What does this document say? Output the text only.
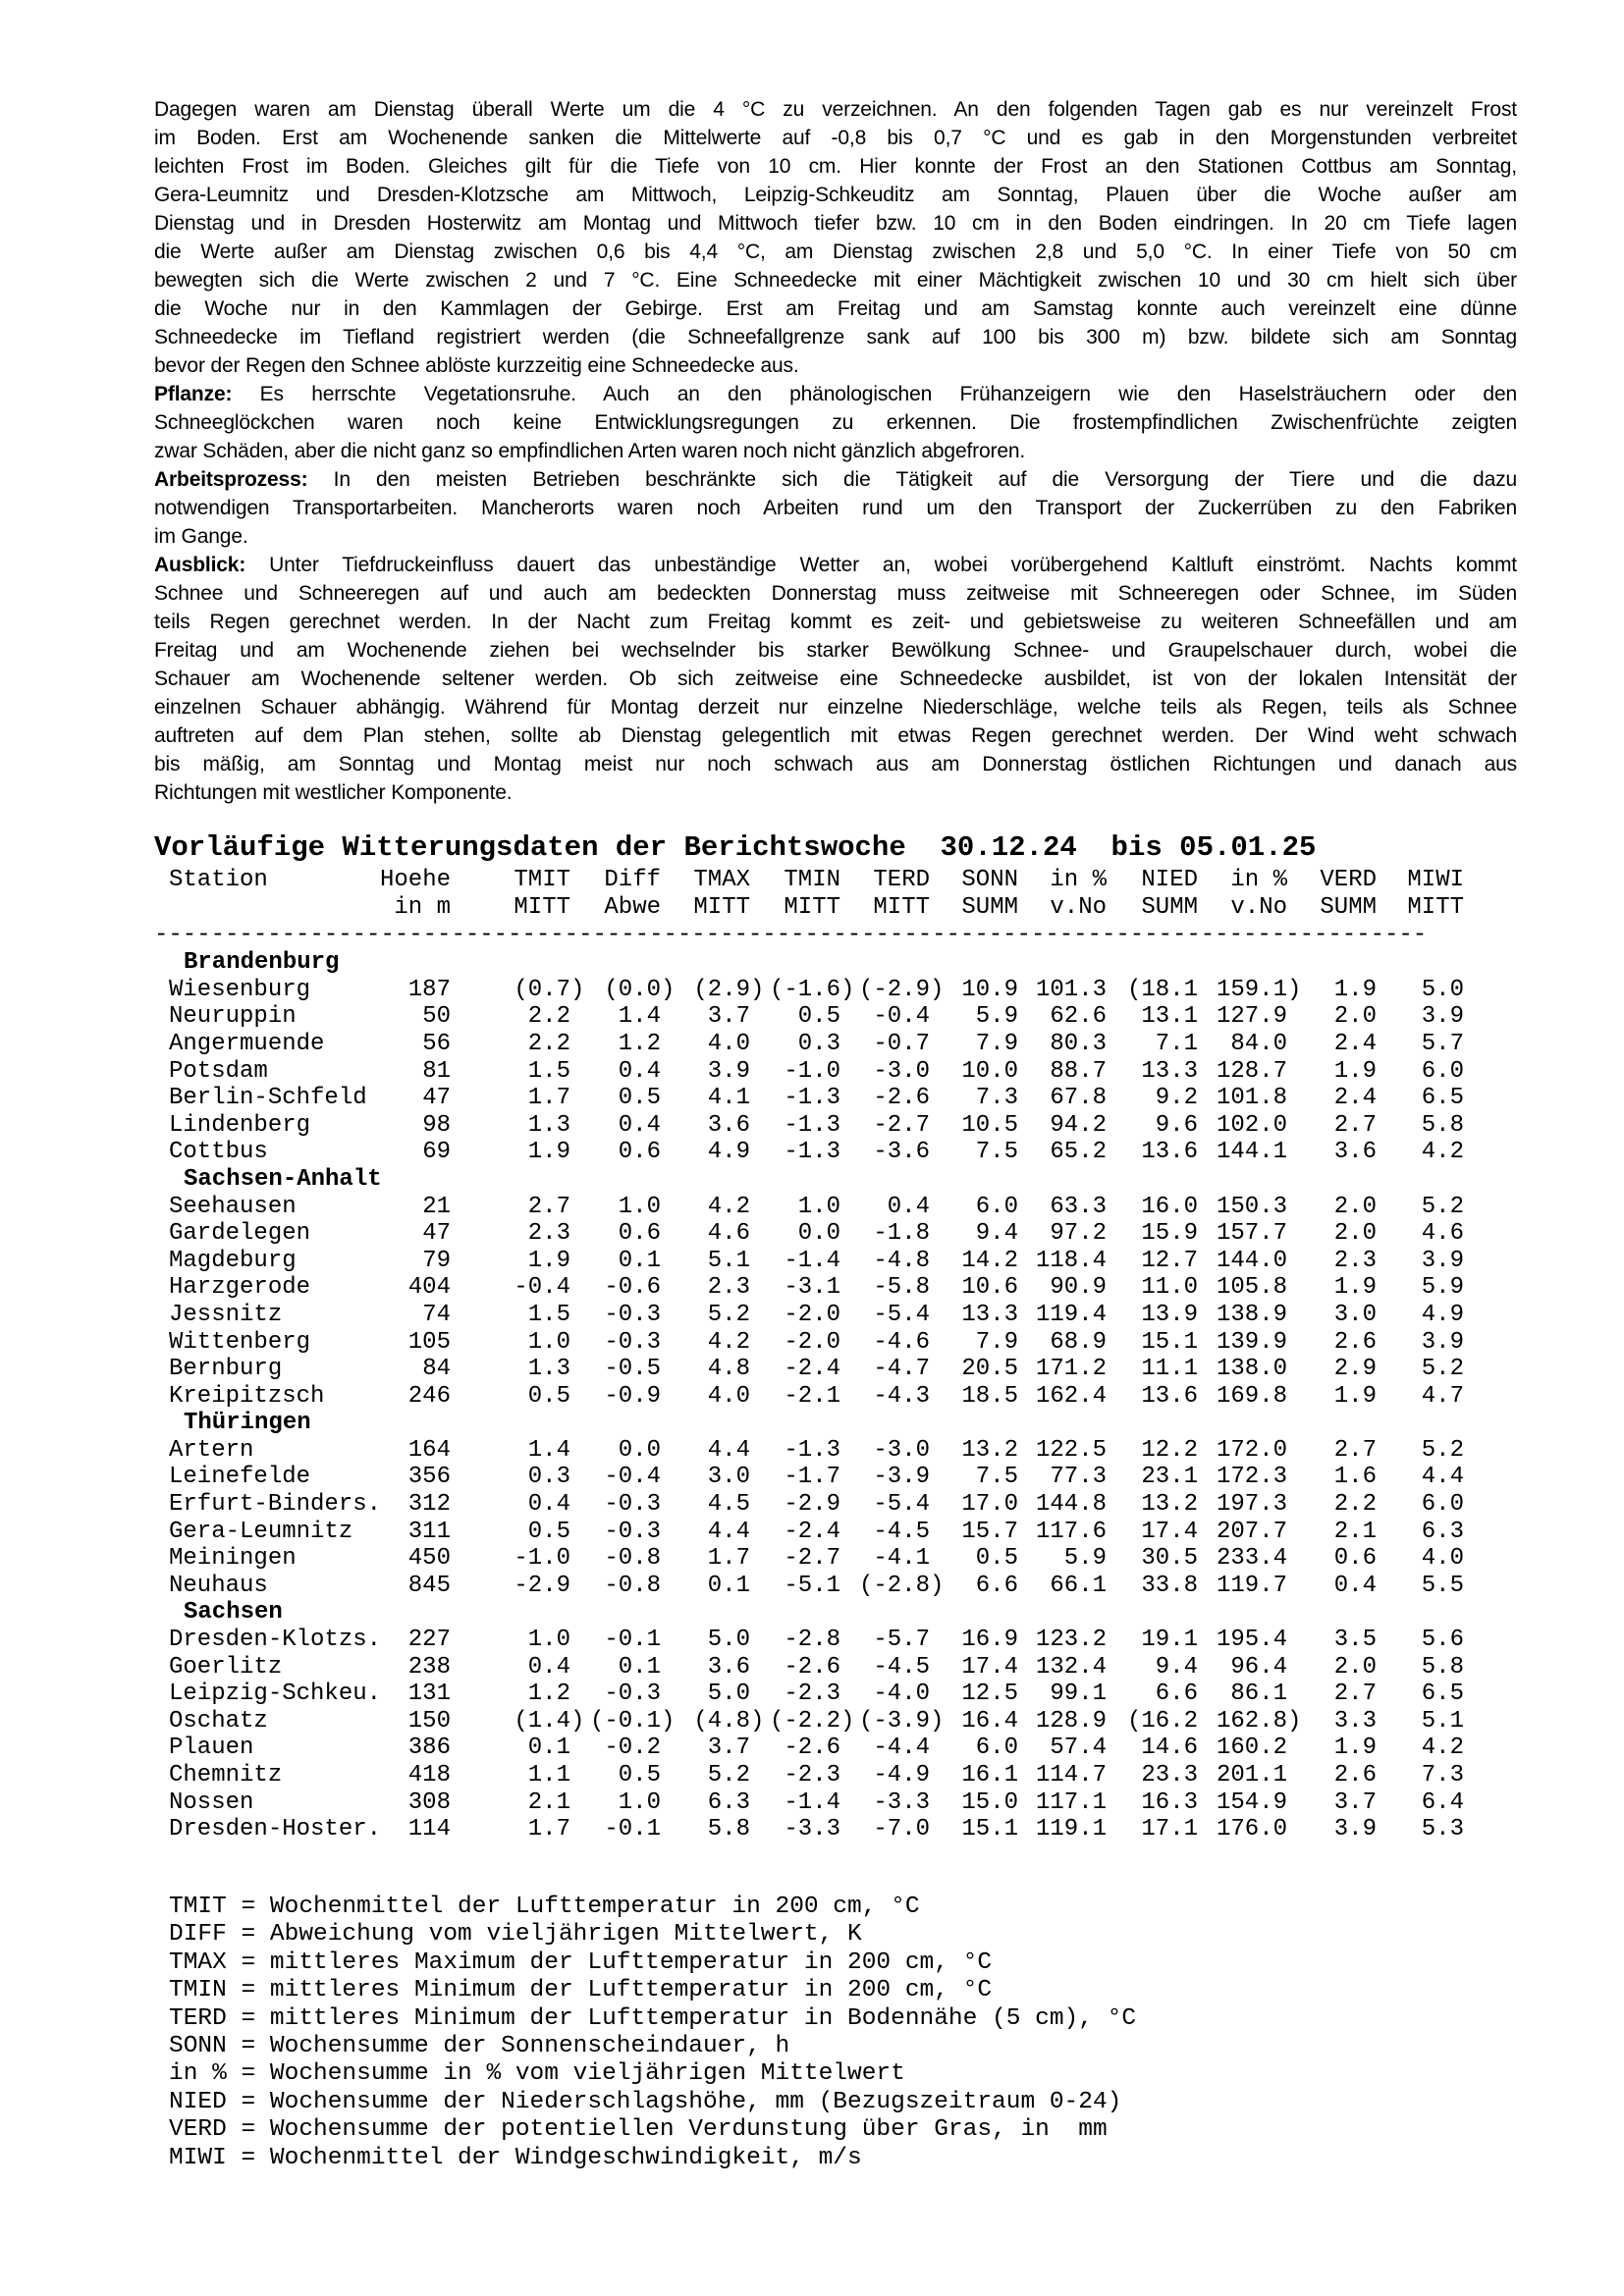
Dagegen waren am Dienstag überall Werte um die 4 °C zu verzeichnen. An den folgenden Tagen gab es nur vereinzelt Frost
im Boden. Erst am Wochenende sanken die Mittelwerte auf -0,8 bis 0,7 °C und es gab in den Morgenstunden verbreitet
leichten Frost im Boden. Gleiches gilt für die Tiefe von 10 cm. Hier konnte der Frost an den Stationen Cottbus am Sonntag,
Gera-Leumnitz und Dresden-Klotzsche am Mittwoch, Leipzig-Schkeuditz am Sonntag, Plauen über die Woche außer am
Dienstag und in Dresden Hosterwitz am Montag und Mittwoch tiefer bzw. 10 cm in den Boden eindringen. In 20 cm Tiefe lagen
die Werte außer am Dienstag zwischen 0,6 bis 4,4 °C, am Dienstag zwischen 2,8 und 5,0 °C. In einer Tiefe von 50 cm
bewegten sich die Werte zwischen 2 und 7 °C. Eine Schneedecke mit einer Mächtigkeit zwischen 10 und 30 cm hielt sich über
die Woche nur in den Kammlagen der Gebirge. Erst am Freitag und am Samstag konnte auch vereinzelt eine dünne
Schneedecke im Tiefland registriert werden (die Schneefallgrenze sank auf 100 bis 300 m) bzw. bildete sich am Sonntag
bevor der Regen den Schnee ablöste kurzzeitig eine Schneedecke aus.
Pflanze: Es herrschte Vegetationsruhe. Auch an den phänologischen Frühanzeigern wie den Haselsträuchern oder den
Schneeglöckchen waren noch keine Entwicklungsregungen zu erkennen. Die frostempfindlichen Zwischenfrüchte zeigten
zwar Schäden, aber die nicht ganz so empfindlichen Arten waren noch nicht gänzlich abgefroren.
Arbeitsprozess: In den meisten Betrieben beschränkte sich die Tätigkeit auf die Versorgung der Tiere und die dazu
notwendigen Transportarbeiten. Mancherorts waren noch Arbeiten rund um den Transport der Zuckerrüben zu den Fabriken
im Gange.
Ausblick: Unter Tiefdruckeinfluss dauert das unbeständige Wetter an, wobei vorübergehend Kaltluft einströmt. Nachts kommt
Schnee und Schneeregen auf und auch am bedeckten Donnerstag muss zeitweise mit Schneeregen oder Schnee, im Süden
teils Regen gerechnet werden. In der Nacht zum Freitag kommt es zeit- und gebietsweise zu weiteren Schneefällen und am
Freitag und am Wochenende ziehen bei wechselnder bis starker Bewölkung Schnee- und Graupelschauer durch, wobei die
Schauer am Wochenende seltener werden. Ob sich zeitweise eine Schneedecke ausbildet, ist von der lokalen Intensität der
einzelnen Schauer abhängig. Während für Montag derzeit nur einzelne Niederschläge, welche teils als Regen, teils als Schnee
auftreten auf dem Plan stehen, sollte ab Dienstag gelegentlich mit etwas Regen gerechnet werden. Der Wind weht schwach
bis mäßig, am Sonntag und Montag meist nur noch schwach aus am Donnerstag östlichen Richtungen und danach aus
Richtungen mit westlicher Komponente.
Vorläufige Witterungsdaten der Berichtswoche  30.12.24  bis 05.01.25
Station	Hoehe	TMIT Diff TMAX TMIN TERD SONN in % NIED in % VERD MIWI
in m	MITT Abwe MITT MITT MITT SUMM v.No SUMM v.No SUMM MITT
------------------------------------------------------------------------------------------
Brandenburg
Wiesenburg	187	(0.7) (0.0) (2.9) (-1.6) (-2.9) 10.9 101.3 (18.1 159.1) 1.9 5.0
Neuruppin	50	2.2 1.4 3.7 0.5 -0.4 5.9 62.6 13.1 127.9 2.0 3.9
Angermuende	56	2.2 1.2 4.0 0.3 -0.7 7.9 80.3 7.1 84.0 2.4 5.7
Potsdam	81	1.5 0.4 3.9 -1.0 -3.0 10.0 88.7 13.3 128.7 1.9 6.0
Berlin-Schfeld 47	1.7 0.5 4.1 -1.3 -2.6 7.3 67.8 9.2 101.8 2.4 6.5
Lindenberg	98	1.3 0.4 3.6 -1.3 -2.7 10.5 94.2 9.6 102.0 2.7 5.8
Cottbus	69	1.9 0.6 4.9 -1.3 -3.6 7.5 65.2 13.6 144.1 3.6 4.2
Sachsen-Anhalt
Seehausen	21	2.7 1.0 4.2 1.0 0.4 6.0 63.3 16.0 150.3 2.0 5.2
Gardelegen	47	2.3 0.6 4.6 0.0 -1.8 9.4 97.2 15.9 157.7 2.0 4.6
Magdeburg	79	1.9 0.1 5.1 -1.4 -4.8 14.2 118.4 12.7 144.0 2.3 3.9
Harzgerode	404	-0.4 -0.6 2.3 -3.1 -5.8 10.6 90.9 11.0 105.8 1.9 5.9
Jessnitz	74	1.5 -0.3 5.2 -2.0 -5.4 13.3 119.4 13.9 138.9 3.0 4.9
Wittenberg	105	1.0 -0.3 4.2 -2.0 -4.6 7.9 68.9 15.1 139.9 2.6 3.9
Bernburg	84	1.3 -0.5 4.8 -2.4 -4.7 20.5 171.2 11.1 138.0 2.9 5.2
Kreipitzsch	246	0.5 -0.9 4.0 -2.1 -4.3 18.5 162.4 13.6 169.8 1.9 4.7
Thüringen
Artern	164	1.4 0.0 4.4 -1.3 -3.0 13.2 122.5 12.2 172.0 2.7 5.2
Leinefelde	356	0.3 -0.4 3.0 -1.7 -3.9 7.5 77.3 23.1 172.3 1.6 4.4
Erfurt-Binders. 312	0.4 -0.3 4.5 -2.9 -5.4 17.0 144.8 13.2 197.3 2.2 6.0
Gera-Leumnitz 311	0.5 -0.3 4.4 -2.4 -4.5 15.7 117.6 17.4 207.7 2.1 6.3
Meiningen	450	-1.0 -0.8 1.7 -2.7 -4.1 0.5 5.9 30.5 233.4 0.6 4.0
Neuhaus	845	-2.9 -0.8 0.1 -5.1 (-2.8) 6.6 66.1 33.8 119.7 0.4 5.5
Sachsen
Dresden-Klotzs. 227	1.0 -0.1 5.0 -2.8 -5.7 16.9 123.2 19.1 195.4 3.5 5.6
Goerlitz	238	0.4 0.1 3.6 -2.6 -4.5 17.4 132.4 9.4 96.4 2.0 5.8
Leipzig-Schkeu. 131	1.2 -0.3 5.0 -2.3 -4.0 12.5 99.1 6.6 86.1 2.7 6.5
Oschatz	150	(1.4) (-0.1) (4.8) (-2.2) (-3.9) 16.4 128.9 (16.2 162.8) 3.3 5.1
Plauen	386	0.1 -0.2 3.7 -2.6 -4.4 6.0 57.4 14.6 160.2 1.9 4.2
Chemnitz	418	1.1 0.5 5.2 -2.3 -4.9 16.1 114.7 23.3 201.1 2.6 7.3
Nossen	308	2.1 1.0 6.3 -1.4 -3.3 15.0 117.1 16.3 154.9 3.7 6.4
Dresden-Hoster. 114	1.7 -0.1 5.8 -3.3 -7.0 15.1 119.1 17.1 176.0 3.9 5.3
TMIT = Wochenmittel der Lufttemperatur in 200 cm, °C
DIFF = Abweichung vom vieljährigen Mittelwert, K
TMAX = mittleres Maximum der Lufttemperatur in 200 cm, °C
TMIN = mittleres Minimum der Lufttemperatur in 200 cm, °C
TERD = mittleres Minimum der Lufttemperatur in Bodennähe (5 cm), °C
SONN = Wochensumme der Sonnenscheindauer, h
in % = Wochensumme in % vom vieljährigen Mittelwert
NIED = Wochensumme der Niederschlagshöhe, mm (Bezugszeitraum 0-24)
VERD = Wochensumme der potentiellen Verdunstung über Gras, in  mm
MIWI = Wochenmittel der Windgeschwindigkeit, m/s
